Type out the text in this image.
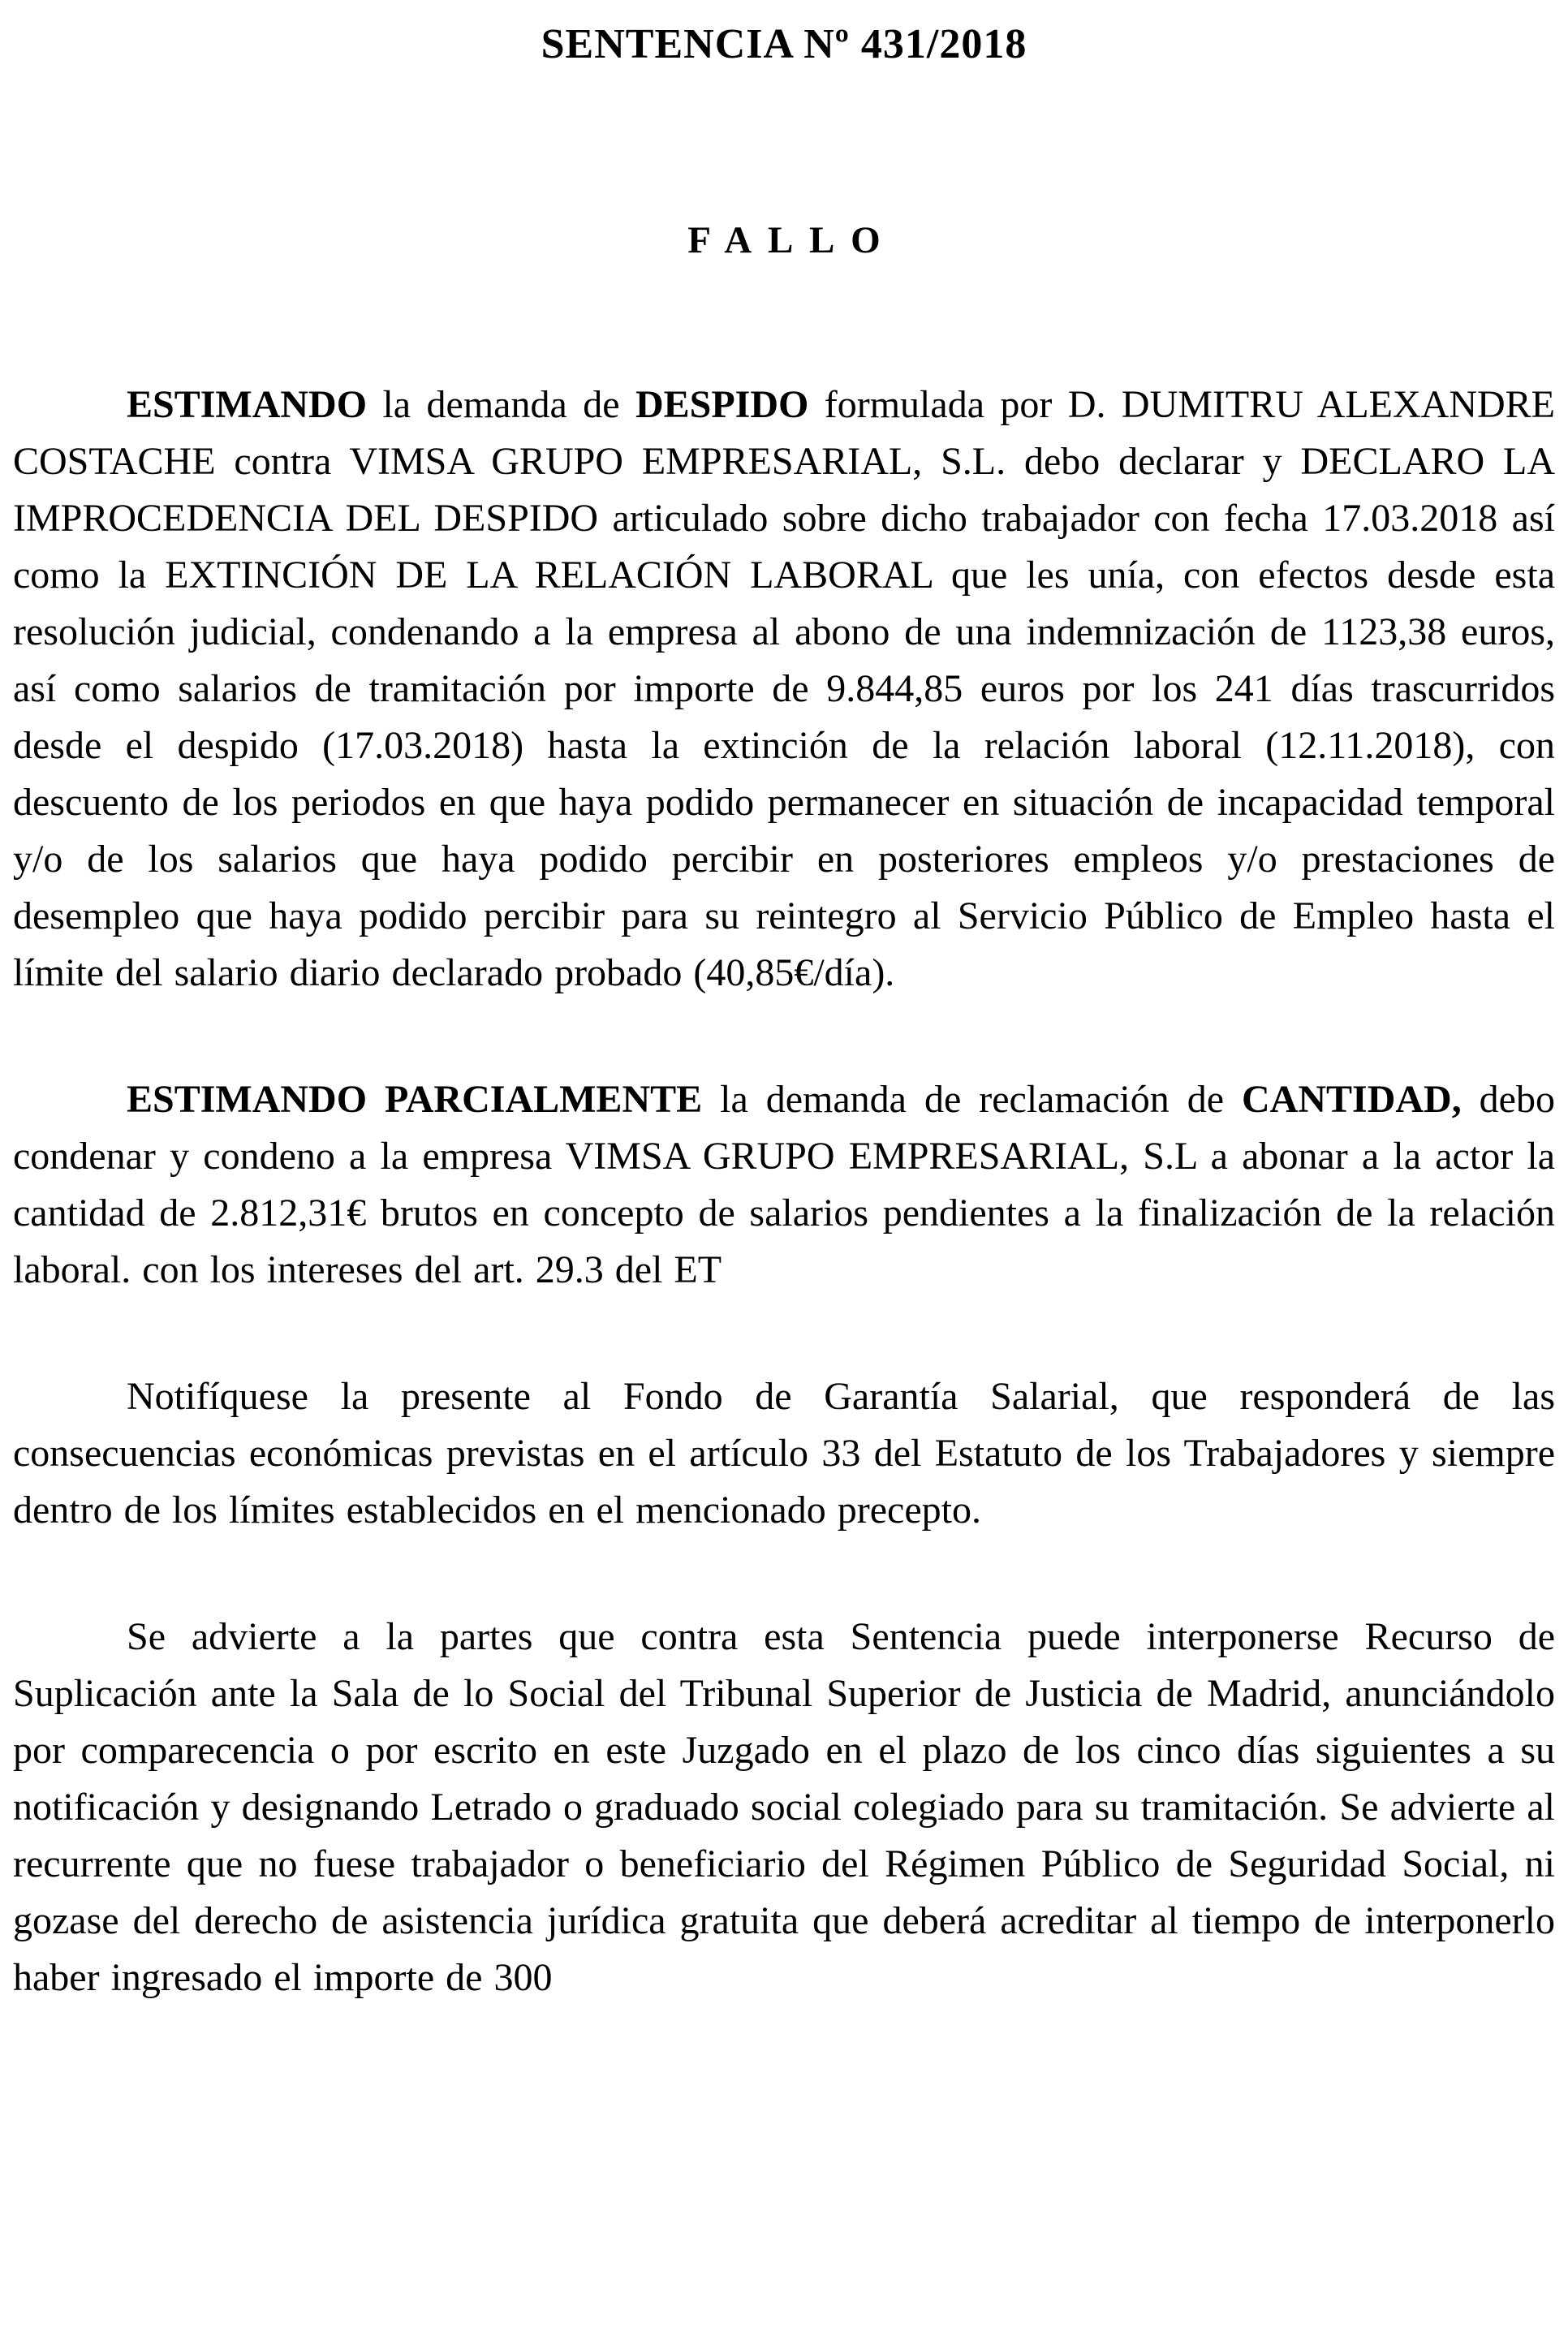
SENTENCIA Nº 431/2018
FALLO

ESTIMANDO la demanda de DESPIDO formulada por D. DUMITRU ALEXANDRE COSTACHE contra VIMSA GRUPO EMPRESARIAL, S.L. debo declarar y DECLARO LA IMPROCEDENCIA DEL DESPIDO articulado sobre dicho trabajador con fecha 17.03.2018 así como la EXTINCIÓN DE LA RELACIÓN LABORAL que les unía, con efectos desde esta resolución judicial, condenando a la empresa al abono de una indemnización de 1123,38 euros, así como salarios de tramitación por importe de 9.844,85 euros por los 241 días trascurridos desde el despido (17.03.2018) hasta la extinción de la relación laboral (12.11.2018), con descuento de los periodos en que haya podido permanecer en situación de incapacidad temporal y/o de los salarios que haya podido percibir en posteriores empleos y/o prestaciones de desempleo que haya podido percibir para su reintegro al Servicio Público de Empleo hasta el límite del salario diario declarado probado (40,85€/día).

ESTIMANDO PARCIALMENTE la demanda de reclamación de CANTIDAD, debo condenar y condeno a la empresa VIMSA GRUPO EMPRESARIAL, S.L a abonar a la actor la cantidad de 2.812,31€ brutos en concepto de salarios pendientes a la finalización de la relación laboral. con los intereses del art. 29.3 del ET

Notifíquese la presente al Fondo de Garantía Salarial, que responderá de las consecuencias económicas previstas en el artículo 33 del Estatuto de los Trabajadores y siempre dentro de los límites establecidos en el mencionado precepto.

Se advierte a la partes que contra esta Sentencia puede interponerse Recurso de Suplicación ante la Sala de lo Social del Tribunal Superior de Justicia de Madrid, anunciándolo por comparecencia o por escrito en este Juzgado en el plazo de los cinco días siguientes a su notificación y designando Letrado o graduado social colegiado para su tramitación. Se advierte al recurrente que no fuese trabajador o beneficiario del Régimen Público de Seguridad Social, ni gozase del derecho de asistencia jurídica gratuita que deberá acreditar al tiempo de interponerlo haber ingresado el importe de 300
